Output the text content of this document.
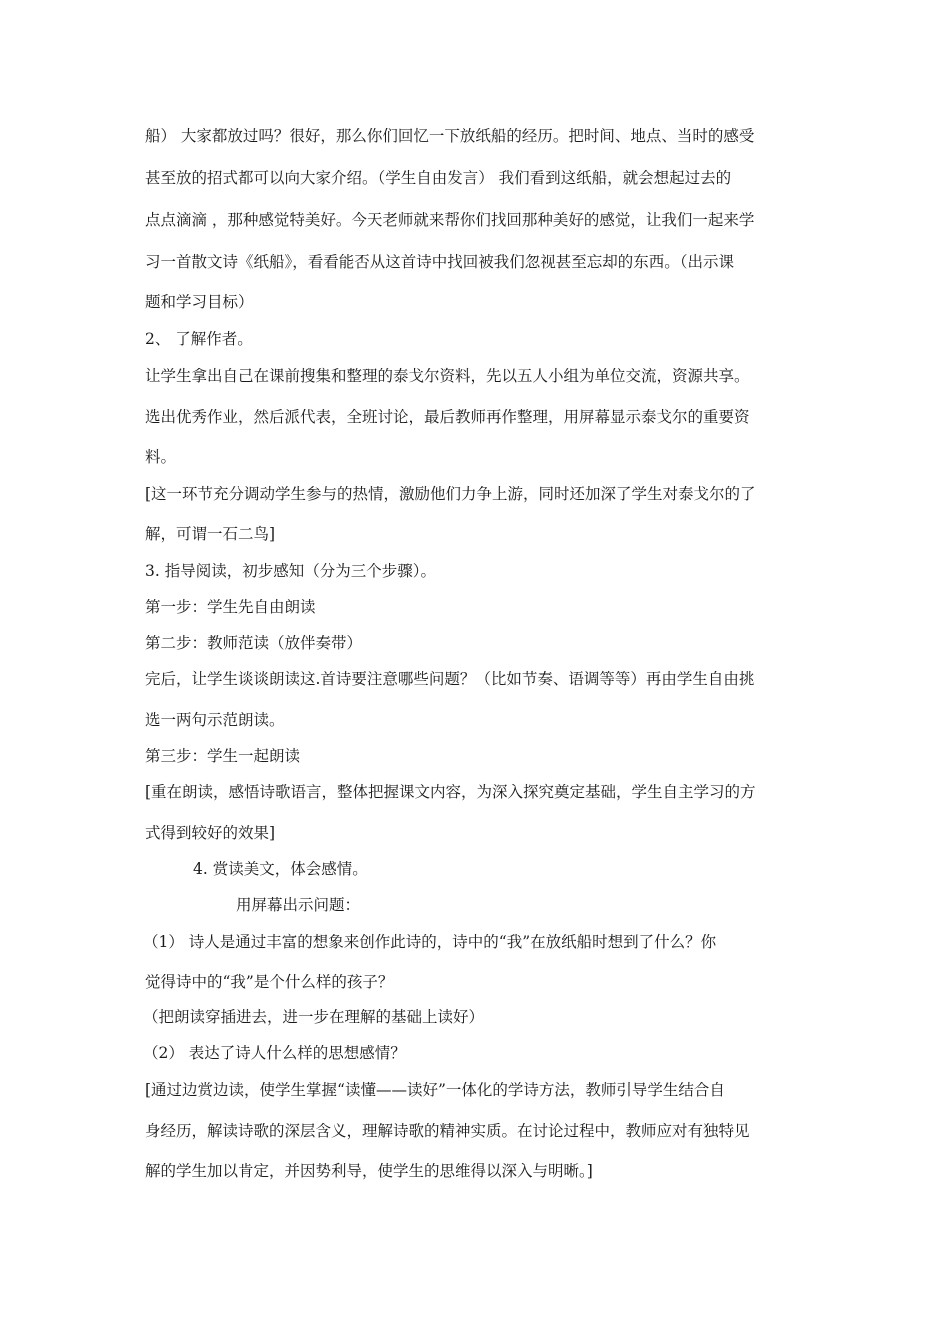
船） 大家都放过吗？很好，那么你们回忆一下放纸船的经历。把时间、地点、当时的感受
甚至放的招式都可以向大家介绍。（学生自由发言） 我们看到这纸船，就会想起过去的
点点滴滴 ，那种感觉特美好。今天老师就来帮你们找回那种美好的感觉，让我们一起来学
习一首散文诗《纸船》，看看能否从这首诗中找回被我们忽视甚至忘却的东西。（出示课
题和学习目标）
2、 了解作者。
让学生拿出自己在课前搜集和整理的泰戈尔资料，先以五人小组为单位交流，资源共享。
选出优秀作业，然后派代表，全班讨论，最后教师再作整理，用屏幕显示泰戈尔的重要资
料。
[这一环节充分调动学生参与的热情，激励他们力争上游，同时还加深了学生对泰戈尔的了
解，可谓一石二鸟]
3. 指导阅读，初步感知（分为三个步骤）。
第一步：学生先自由朗读
第二步：教师范读（放伴奏带）
完后，让学生谈谈朗读这.首诗要注意哪些问题？（比如节奏、语调等等）再由学生自由挑
选一两句示范朗读。
第三步：学生一起朗读
[重在朗读，感悟诗歌语言，整体把握课文内容，为深入探究奠定基础，学生自主学习的方
式得到较好的效果]
4. 赏读美文，体会感情。
用屏幕出示问题：
（1） 诗人是通过丰富的想象来创作此诗的，诗中的“我”在放纸船时想到了什么？你
觉得诗中的“我”是个什么样的孩子？
（把朗读穿插进去，进一步在理解的基础上读好）
（2） 表达了诗人什么样的思想感情？
[通过边赏边读，使学生掌握“读懂——读好”一体化的学诗方法，教师引导学生结合自
身经历，解读诗歌的深层含义，理解诗歌的精神实质。在讨论过程中，教师应对有独特见
解的学生加以肯定，并因势利导，使学生的思维得以深入与明晰。]
